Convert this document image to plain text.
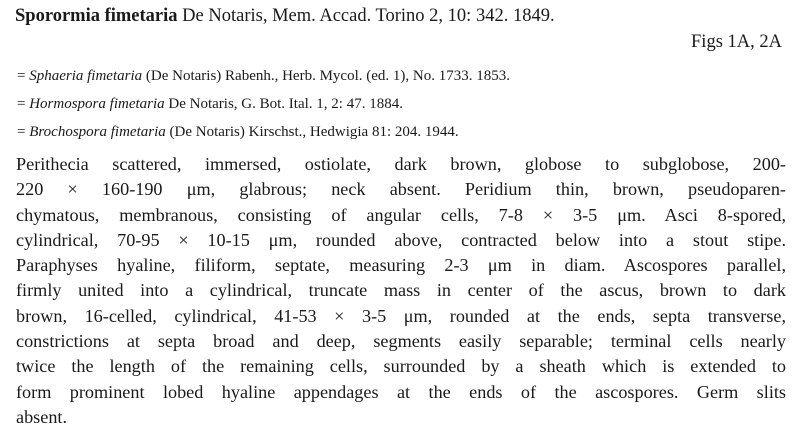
Sporormia fimetaria De Notaris, Mem. Accad. Torino 2, 10: 342. 1849.
Figs 1A, 2A
= Sphaeria fimetaria (De Notaris) Rabenh., Herb. Mycol. (ed. 1), No. 1733. 1853.
= Hormospora fimetaria De Notaris, G. Bot. Ital. 1, 2: 47. 1884.
= Brochospora fimetaria (De Notaris) Kirschst., Hedwigia 81: 204. 1944.
Perithecia scattered, immersed, ostiolate, dark brown, globose to subglobose, 200-
220 × 160-190 μm, glabrous; neck absent. Peridium thin, brown, pseudoparen-
chymatous, membranous, consisting of angular cells, 7-8 × 3-5 μm. Asci 8-spored,
cylindrical, 70-95 × 10-15 μm, rounded above, contracted below into a stout stipe.
Paraphyses hyaline, filiform, septate, measuring 2-3 μm in diam. Ascospores parallel,
firmly united into a cylindrical, truncate mass in center of the ascus, brown to dark
brown, 16-celled, cylindrical, 41-53 × 3-5 μm, rounded at the ends, septa transverse,
constrictions at septa broad and deep, segments easily separable; terminal cells nearly
twice the length of the remaining cells, surrounded by a sheath which is extended to
form prominent lobed hyaline appendages at the ends of the ascospores. Germ slits
absent.
